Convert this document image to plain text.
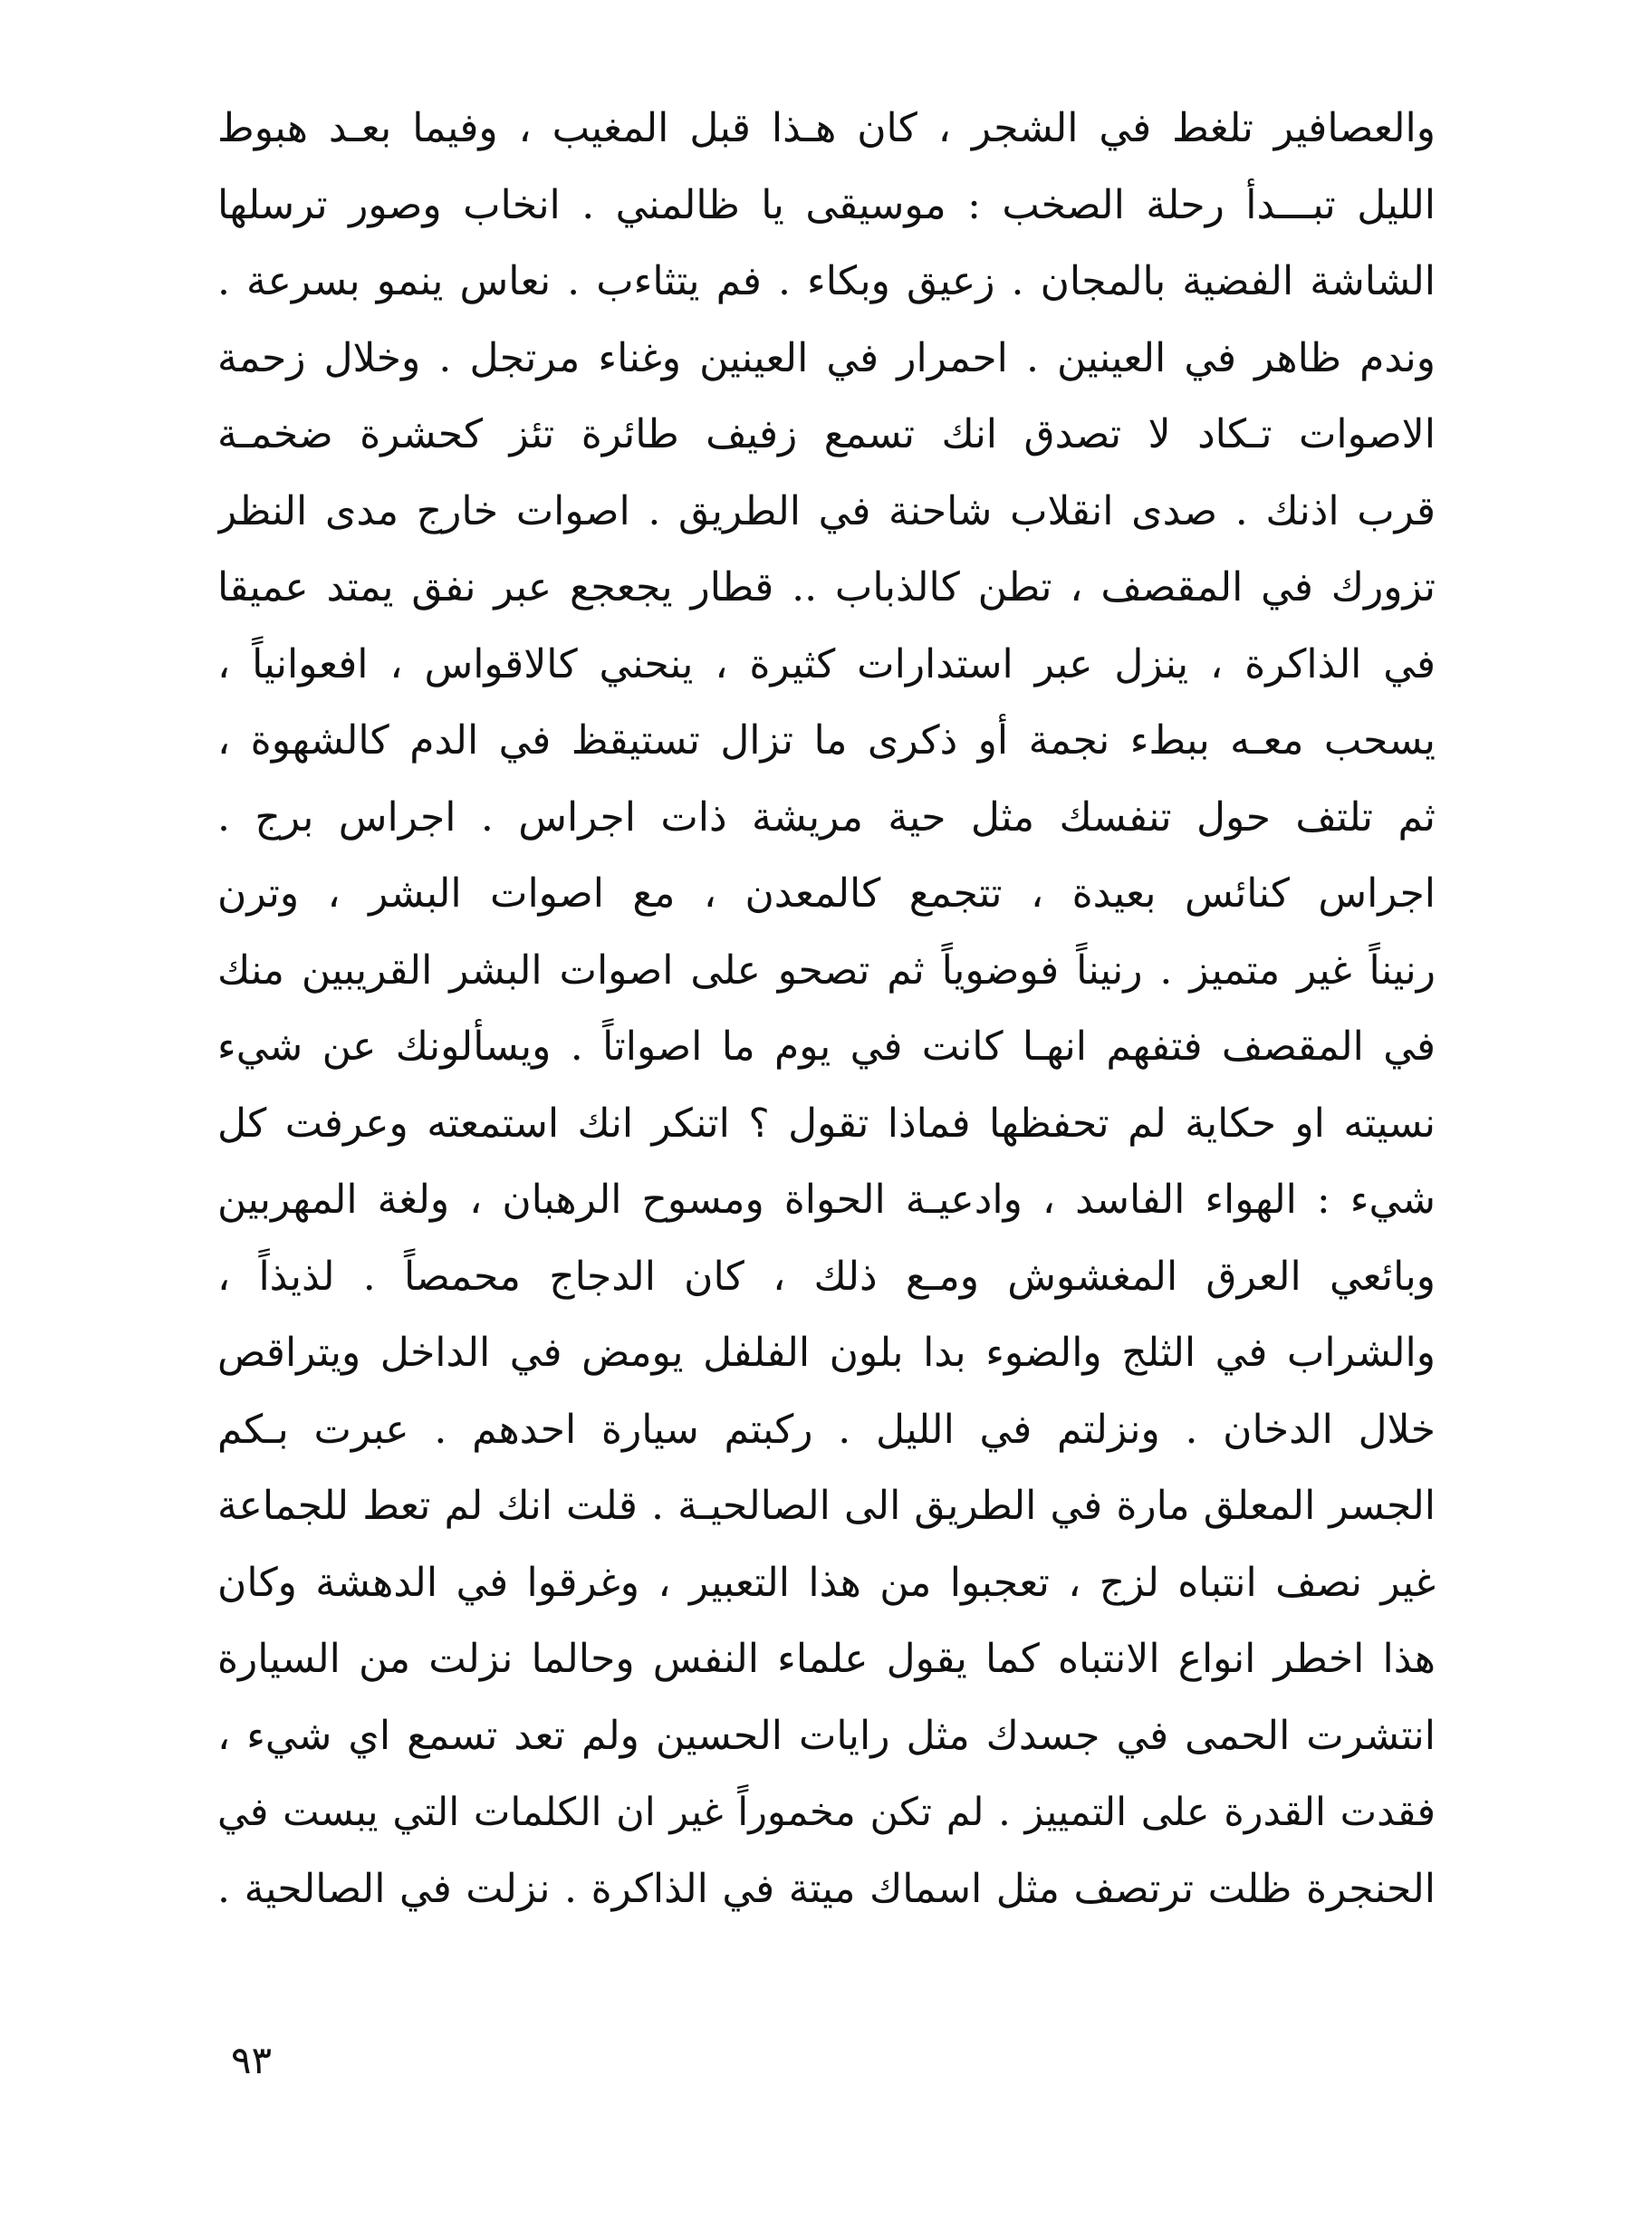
والعصافير تلغط في الشجر ، كان هـذا قبل المغيب ، وفيما بعـد هبوط
الليل تبـــدأ رحلة الصخب : موسيقى يا ظالمني . انخاب وصور ترسلها
الشاشة الفضية بالمجان . زعيق وبكاء . فم يتثاءب . نعاس ينمو بسرعة .
وندم ظاهر في العينين . احمرار في العينين وغناء مرتجل . وخلال زحمة
الاصوات تـكاد لا تصدق انك تسمع زفيف طائرة تئز كحشرة ضخمـة
قرب اذنك . صدى انقلاب شاحنة في الطريق . اصوات خارج مدى النظر
تزورك في المقصف ، تطن كالذباب .. قطار يجعجع عبر نفق يمتد عميقا
في الذاكرة ، ينزل عبر استدارات كثيرة ، ينحني كالاقواس ، افعوانياً ،
يسحب معـه ببطء نجمة أو ذكرى ما تزال تستيقظ في الدم كالشهوة ،
ثم تلتف حول تنفسك مثل حية مريشة ذات اجراس . اجراس برج .
اجراس كنائس بعيدة ، تتجمع كالمعدن ، مع اصوات البشر ، وترن
رنيناً غير متميز . رنيناً فوضوياً ثم تصحو على اصوات البشر القريبين منك
في المقصف فتفهم انهـا كانت في يوم ما اصواتاً . ويسألونك عن شيء
نسيته او حكاية لم تحفظها فماذا تقول ؟ اتنكر انك استمعته وعرفت كل
شيء : الهواء الفاسد ، وادعيـة الحواة ومسوح الرهبان ، ولغة المهربين
وبائعي العرق المغشوش ومـع ذلك ، كان الدجاج محمصاً . لذيذاً ،
والشراب في الثلج والضوء بدا بلون الفلفل يومض في الداخل ويتراقص
خلال الدخان . ونزلتم في الليل . ركبتم سيارة احدهم . عبرت بـكم
الجسر المعلق مارة في الطريق الى الصالحيـة . قلت انك لم تعط للجماعة
غير نصف انتباه لزج ، تعجبوا من هذا التعبير ، وغرقوا في الدهشة وكان
هذا اخطر انواع الانتباه كما يقول علماء النفس وحالما نزلت من السيارة
انتشرت الحمى في جسدك مثل رايات الحسين ولم تعد تسمع اي شيء ،
فقدت القدرة على التمييز . لم تكن مخموراً غير ان الكلمات التي يبست في
الحنجرة ظلت ترتصف مثل اسماك ميتة في الذاكرة . نزلت في الصالحية .
٩٣
